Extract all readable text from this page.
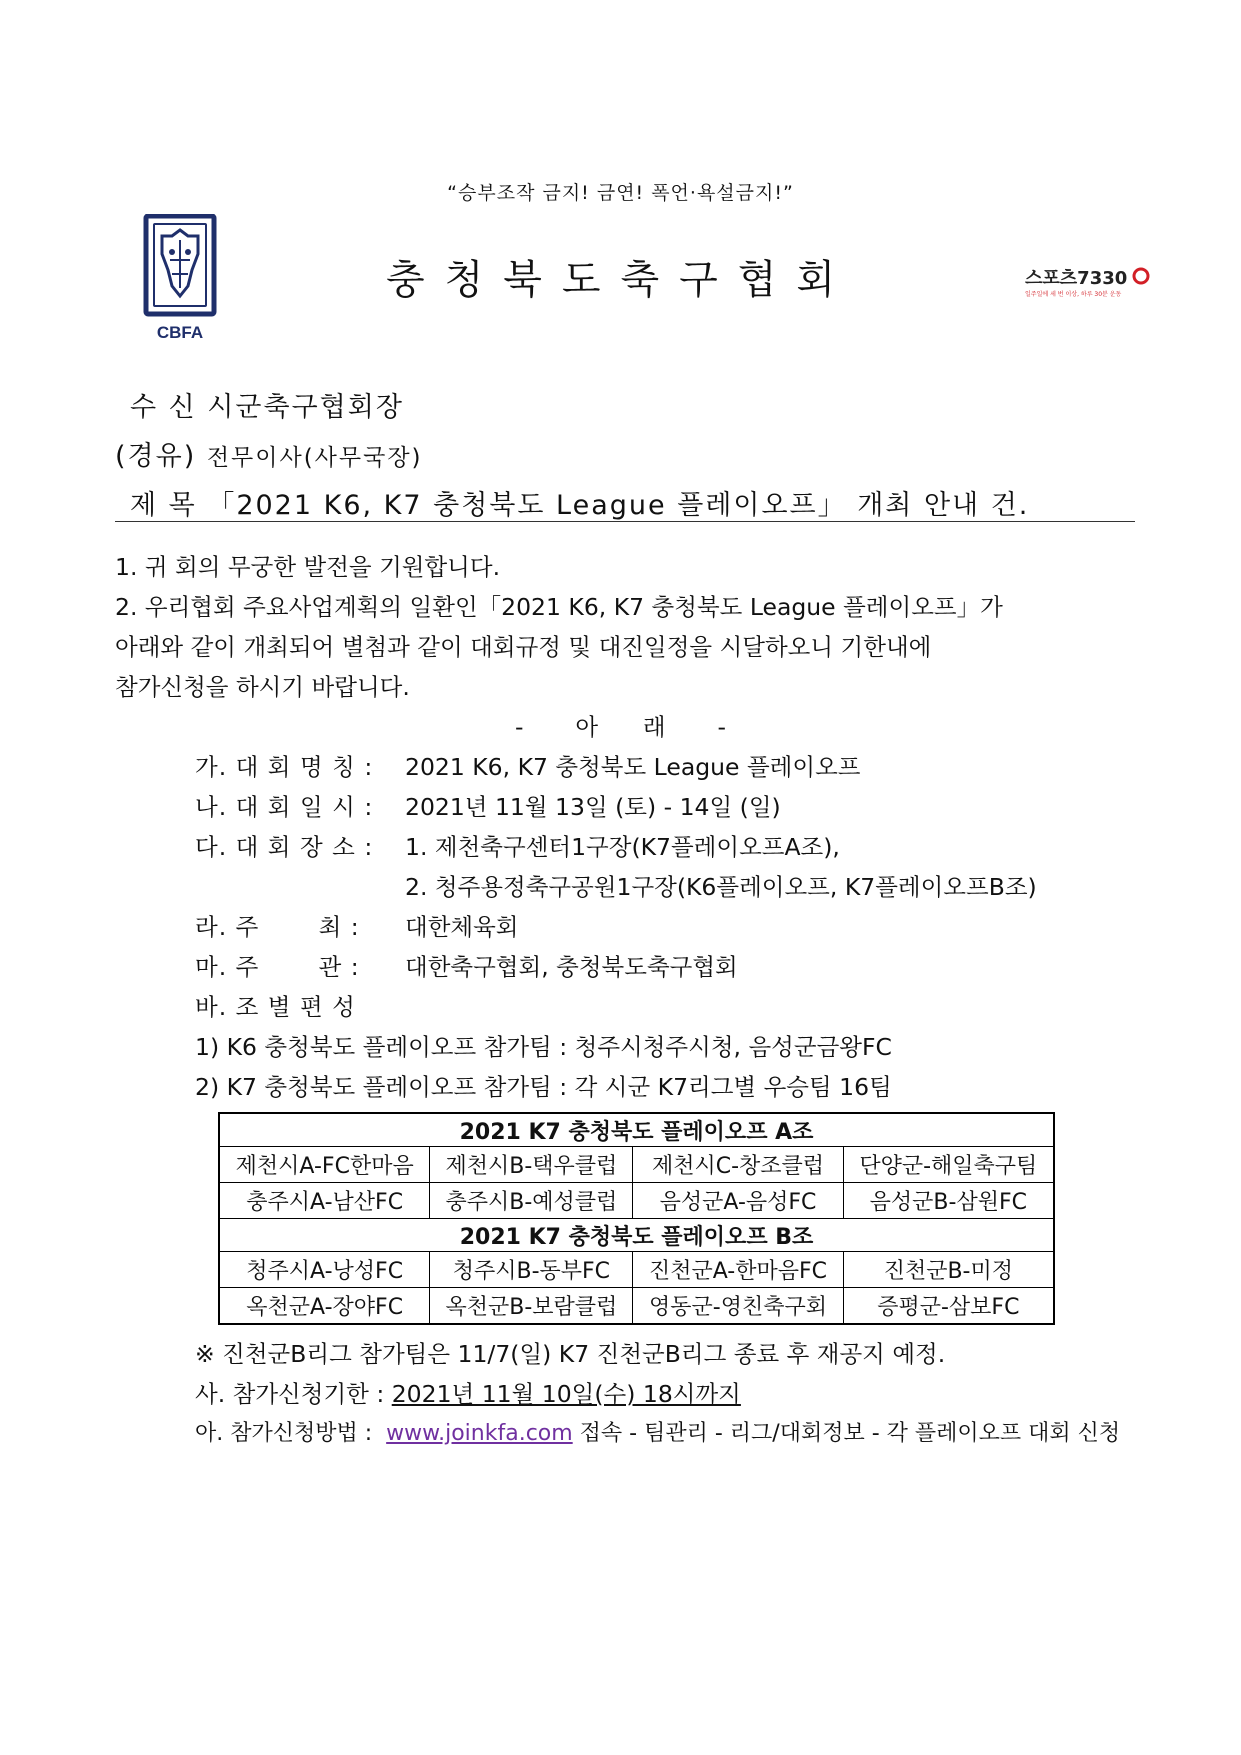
“승부조작 금지! 금연! 폭언·욕설금지!”
CBFA
충청북도축구협회	스포츠7330
일주일에 세 번 이상, 하루 30분 운동
수 신 시군축구협회장
(경유) 전무이사(사무국장)
제 목 「2021 K6, K7 충청북도 League 플레이오프」 개최 안내 건.
1. 귀 회의 무궁한 발전을 기원합니다.
2. 우리협회 주요사업계획의 일환인「2021 K6, K7 충청북도 League 플레이오프」가
아래와 같이 개최되어 별첨과 같이 대회규정 및 대진일정을 시달하오니 기한내에
참가신청을 하시기 바랍니다.
- 아 래 -
가. 대 회 명 칭 : 2021 K6, K7 충청북도 League 플레이오프
나. 대 회 일 시 : 2021년 11월 13일 (토) - 14일 (일)
다. 대 회 장 소 : 1. 제천축구센터1구장(K7플레이오프A조),
2. 청주용정축구공원1구장(K6플레이오프, K7플레이오프B조)
라. 주       최 : 대한체육회
마. 주       관 : 대한축구협회, 충청북도축구협회
바. 조 별 편 성
1) K6 충청북도 플레이오프 참가팀 : 청주시청주시청, 음성군금왕FC
2) K7 충청북도 플레이오프 참가팀 : 각 시군 K7리그별 우승팀 16팀
2021 K7 충청북도 플레이오프 A조			
제천시A-FC한마음	제천시B-택우클럽	제천시C-창조클럽	단양군-해일축구팀
충주시A-남산FC	충주시B-예성클럽	음성군A-음성FC	음성군B-삼원FC
2021 K7 충청북도 플레이오프 B조			
청주시A-낭성FC	청주시B-동부FC	진천군A-한마음FC	진천군B-미정
옥천군A-장야FC	옥천군B-보람클럽	영동군-영친축구회	증평군-삼보FC
※ 진천군B리그 참가팀은 11/7(일) K7 진천군B리그 종료 후 재공지 예정.
사. 참가신청기한 : 2021년 11월 10일(수) 18시까지
아. 참가신청방법 : www.joinkfa.com 접속 - 팀관리 - 리그/대회정보 - 각 플레이오프 대회 신청
